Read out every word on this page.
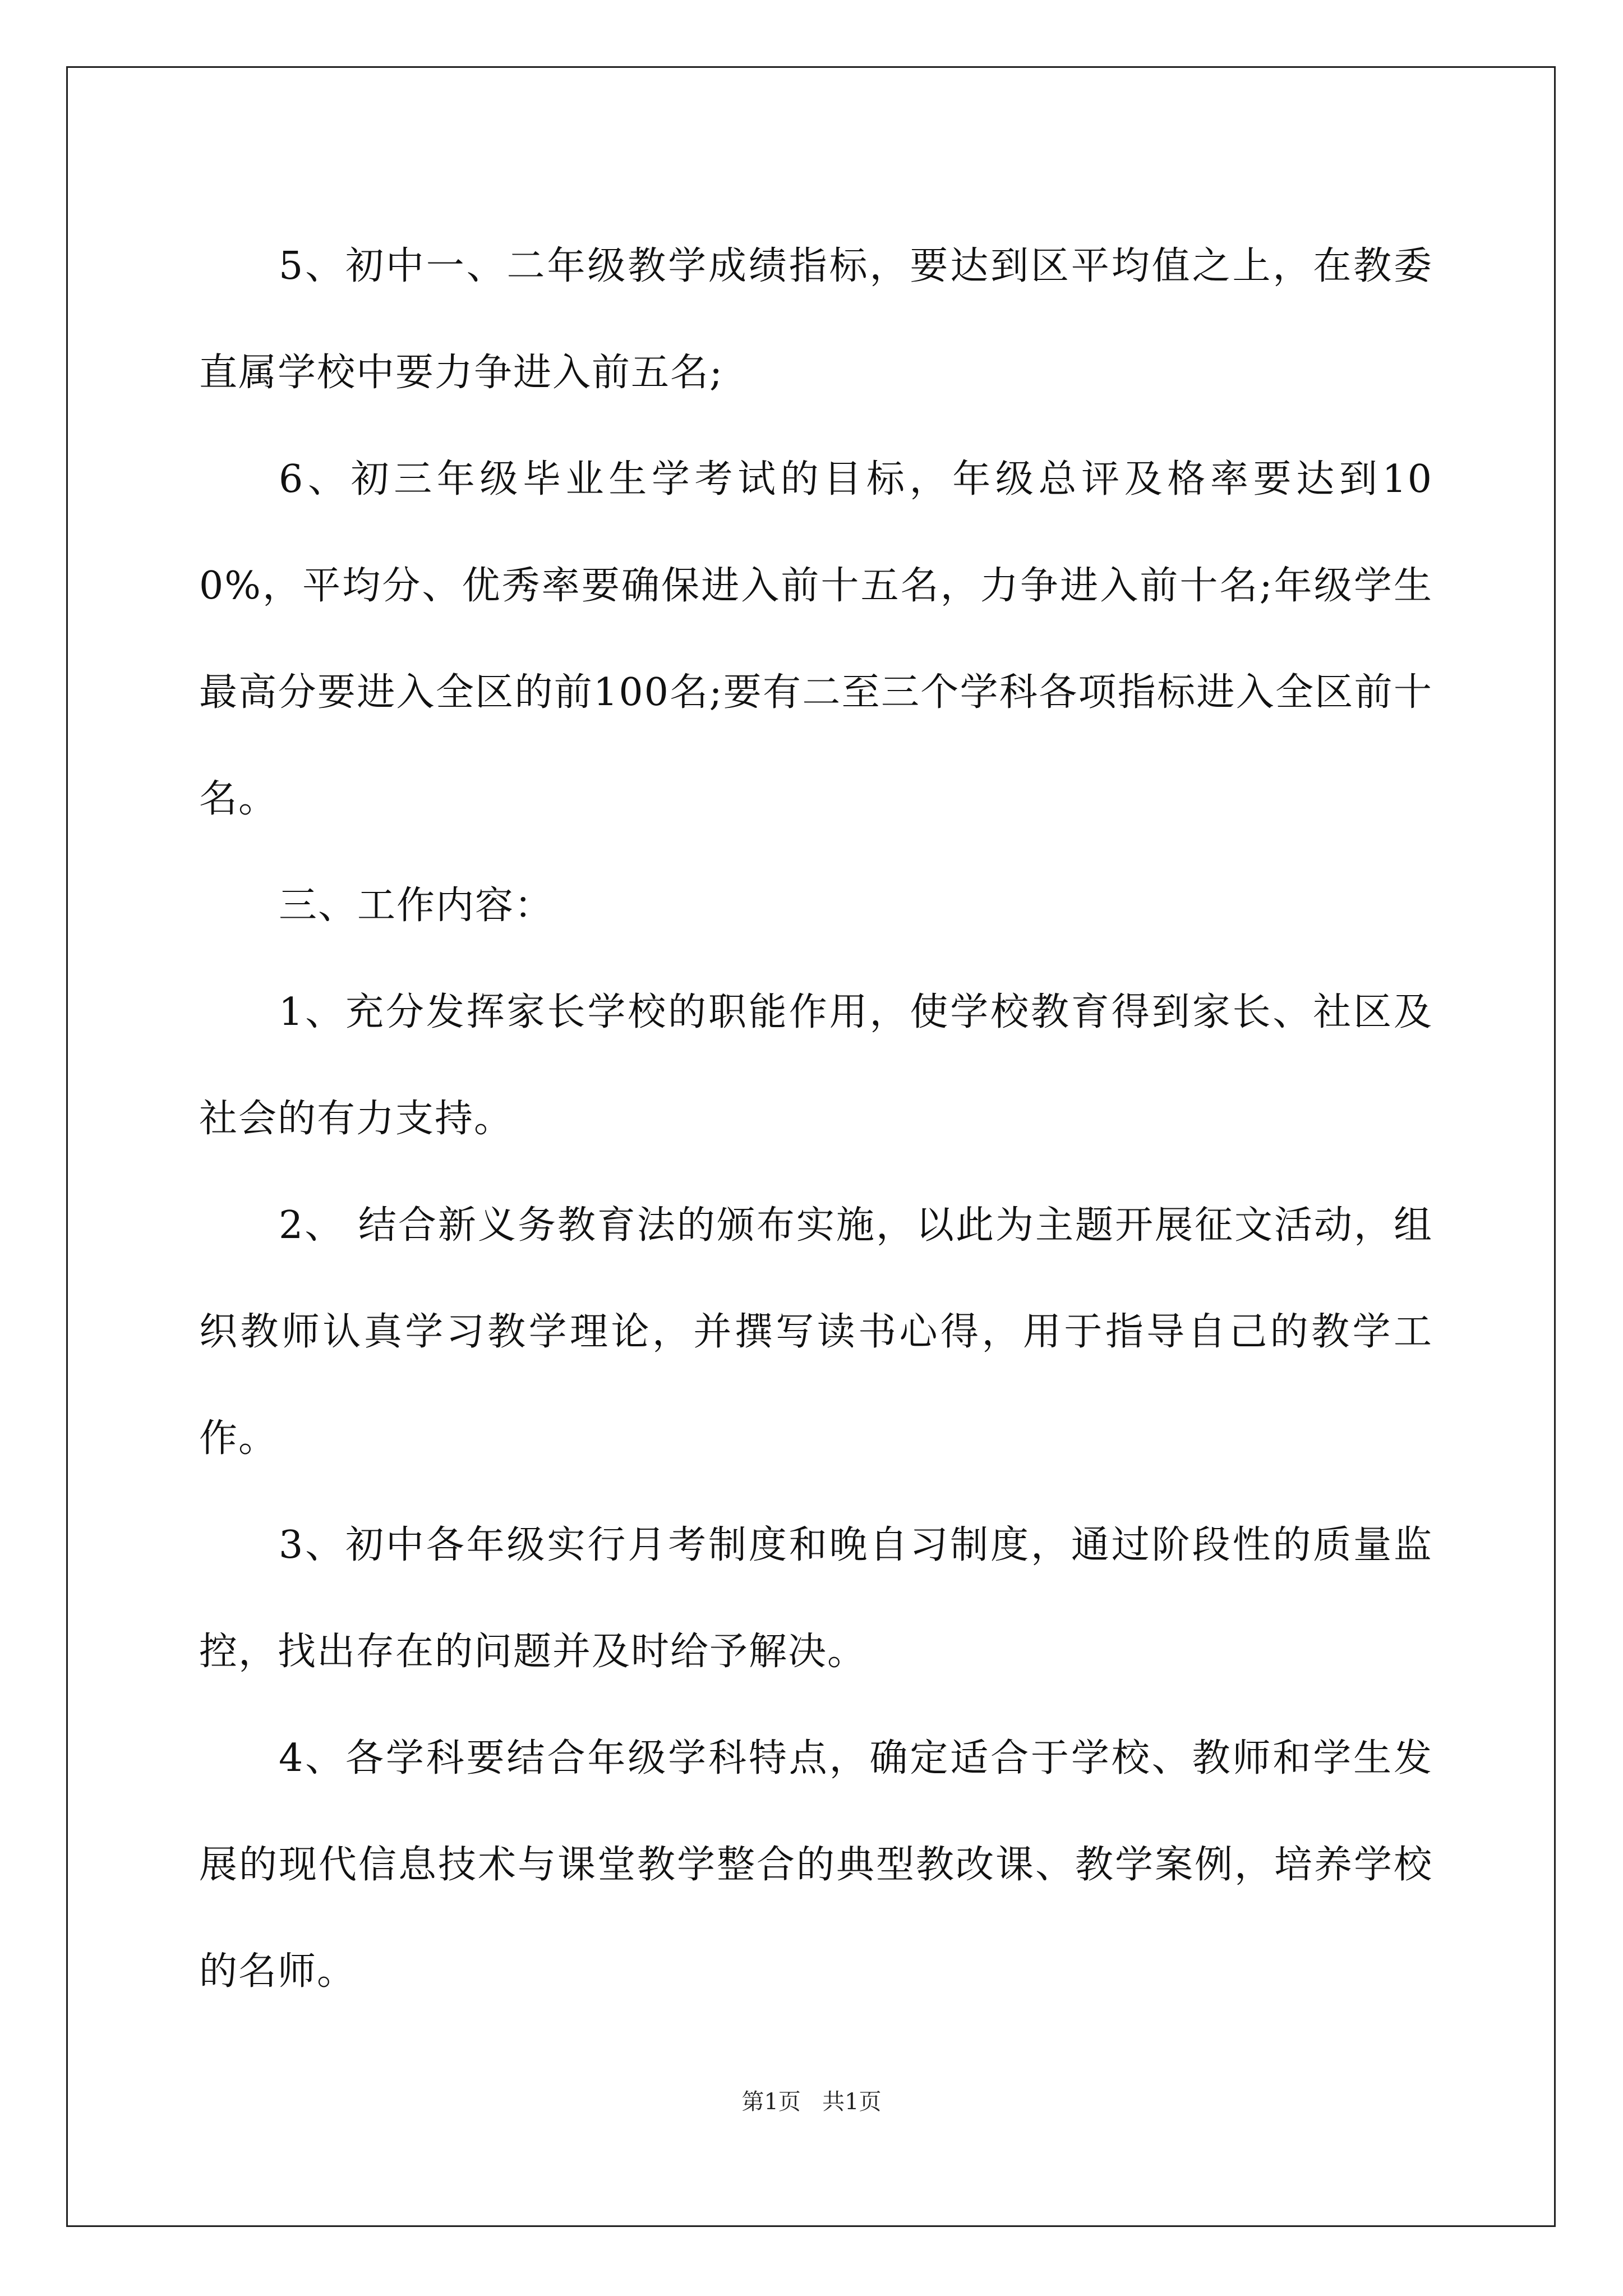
5、初中一、二年级教学成绩指标，要达到区平均值之上，在教委直属学校中要力争进入前五名;

6、初三年级毕业生学考试的目标，年级总评及格率要达到100%，平均分、优秀率要确保进入前十五名，力争进入前十名;年级学生最高分要进入全区的前100名;要有二至三个学科各项指标进入全区前十名。

三、工作内容：

1、充分发挥家长学校的职能作用，使学校教育得到家长、社区及社会的有力支持。

2、 结合新义务教育法的颁布实施，以此为主题开展征文活动，组织教师认真学习教学理论，并撰写读书心得，用于指导自己的教学工作。

3、初中各年级实行月考制度和晚自习制度，通过阶段性的质量监控，找出存在的问题并及时给予解决。

4、各学科要结合年级学科特点，确定适合于学校、教师和学生发展的现代信息技术与课堂教学整合的典型教改课、教学案例，培养学校的名师。

第1页 共1页
